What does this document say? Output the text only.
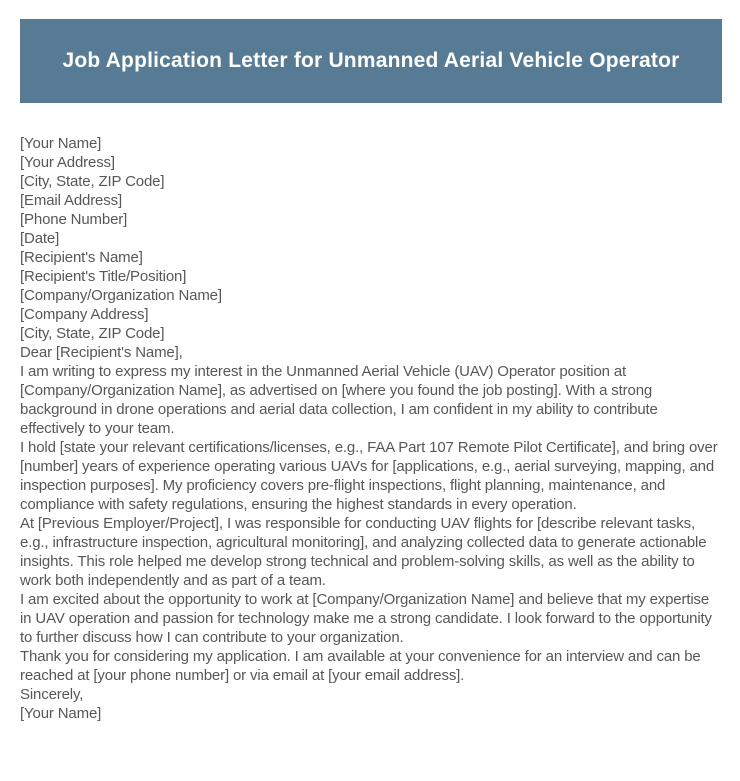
Job Application Letter for Unmanned Aerial Vehicle Operator
[Your Name]
[Your Address]
[City, State, ZIP Code]
[Email Address]
[Phone Number]
[Date]
[Recipient's Name]
[Recipient's Title/Position]
[Company/Organization Name]
[Company Address]
[City, State, ZIP Code]
Dear [Recipient's Name],

I am writing to express my interest in the Unmanned Aerial Vehicle (UAV) Operator position at [Company/Organization Name], as advertised on [where you found the job posting]. With a strong background in drone operations and aerial data collection, I am confident in my ability to contribute effectively to your team.

I hold [state your relevant certifications/licenses, e.g., FAA Part 107 Remote Pilot Certificate], and bring over [number] years of experience operating various UAVs for [applications, e.g., aerial surveying, mapping, and inspection purposes]. My proficiency covers pre-flight inspections, flight planning, maintenance, and compliance with safety regulations, ensuring the highest standards in every operation.

At [Previous Employer/Project], I was responsible for conducting UAV flights for [describe relevant tasks, e.g., infrastructure inspection, agricultural monitoring], and analyzing collected data to generate actionable insights. This role helped me develop strong technical and problem-solving skills, as well as the ability to work both independently and as part of a team.

I am excited about the opportunity to work at [Company/Organization Name] and believe that my expertise in UAV operation and passion for technology make me a strong candidate. I look forward to the opportunity to further discuss how I can contribute to your organization.

Thank you for considering my application. I am available at your convenience for an interview and can be reached at [your phone number] or via email at [your email address].

Sincerely,
[Your Name]
